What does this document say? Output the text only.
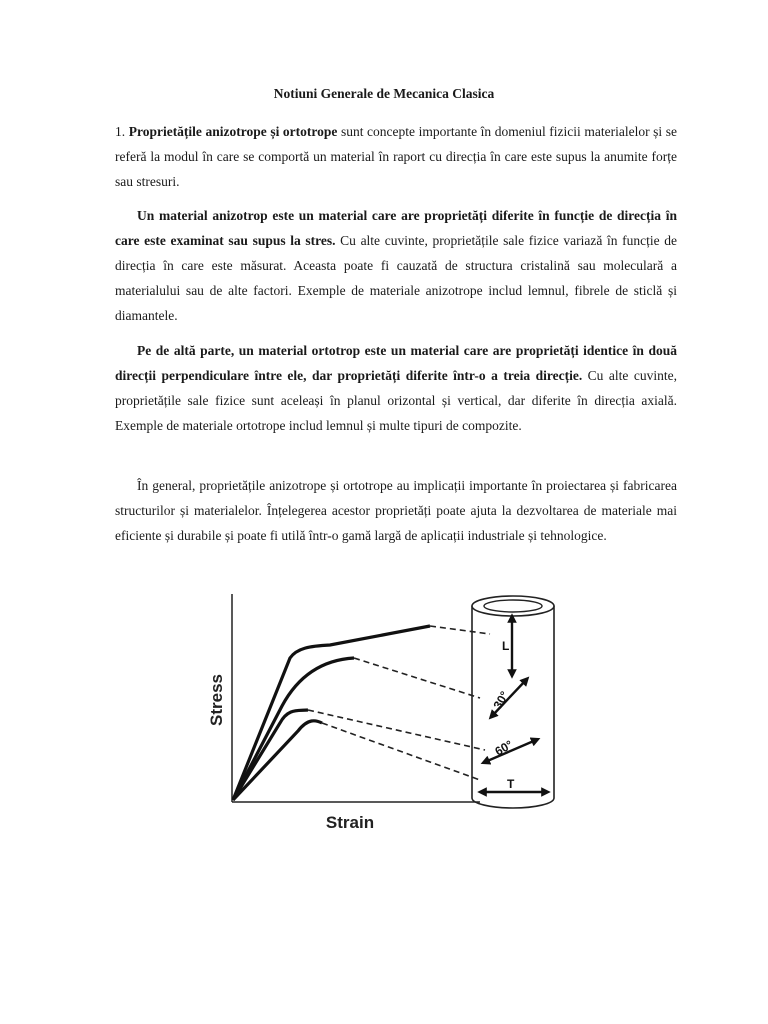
Notiuni Generale de Mecanica Clasica

1. Proprietățile anizotrope și ortotrope sunt concepte importante în domeniul fizicii materialelor și se referă la modul în care se comportă un material în raport cu direcția în care este supus la anumite forțe sau stresuri.

Un material anizotrop este un material care are proprietăți diferite în funcție de direcția în care este examinat sau supus la stres. Cu alte cuvinte, proprietățile sale fizice variază în funcție de direcția în care este măsurat. Aceasta poate fi cauzată de structura cristalină sau moleculară a materialului sau de alte factori. Exemple de materiale anizotrope includ lemnul, fibrele de sticlă și diamantele.

Pe de altă parte, un material ortotrop este un material care are proprietăți identice în două direcții perpendiculare între ele, dar proprietăți diferite într-o a treia direcție. Cu alte cuvinte, proprietățile sale fizice sunt aceleași în planul orizontal și vertical, dar diferite în direcția axială. Exemple de materiale ortotrope includ lemnul și multe tipuri de compozite.

În general, proprietățile anizotrope și ortotrope au implicații importante în proiectarea și fabricarea structurilor și materialelor. Înțelegerea acestor proprietăți poate ajuta la dezvoltarea de materiale mai eficiente și durabile și poate fi utilă într-o gamă largă de aplicații industriale și tehnologice.

Stress
Strain
L
30°
60°
T
